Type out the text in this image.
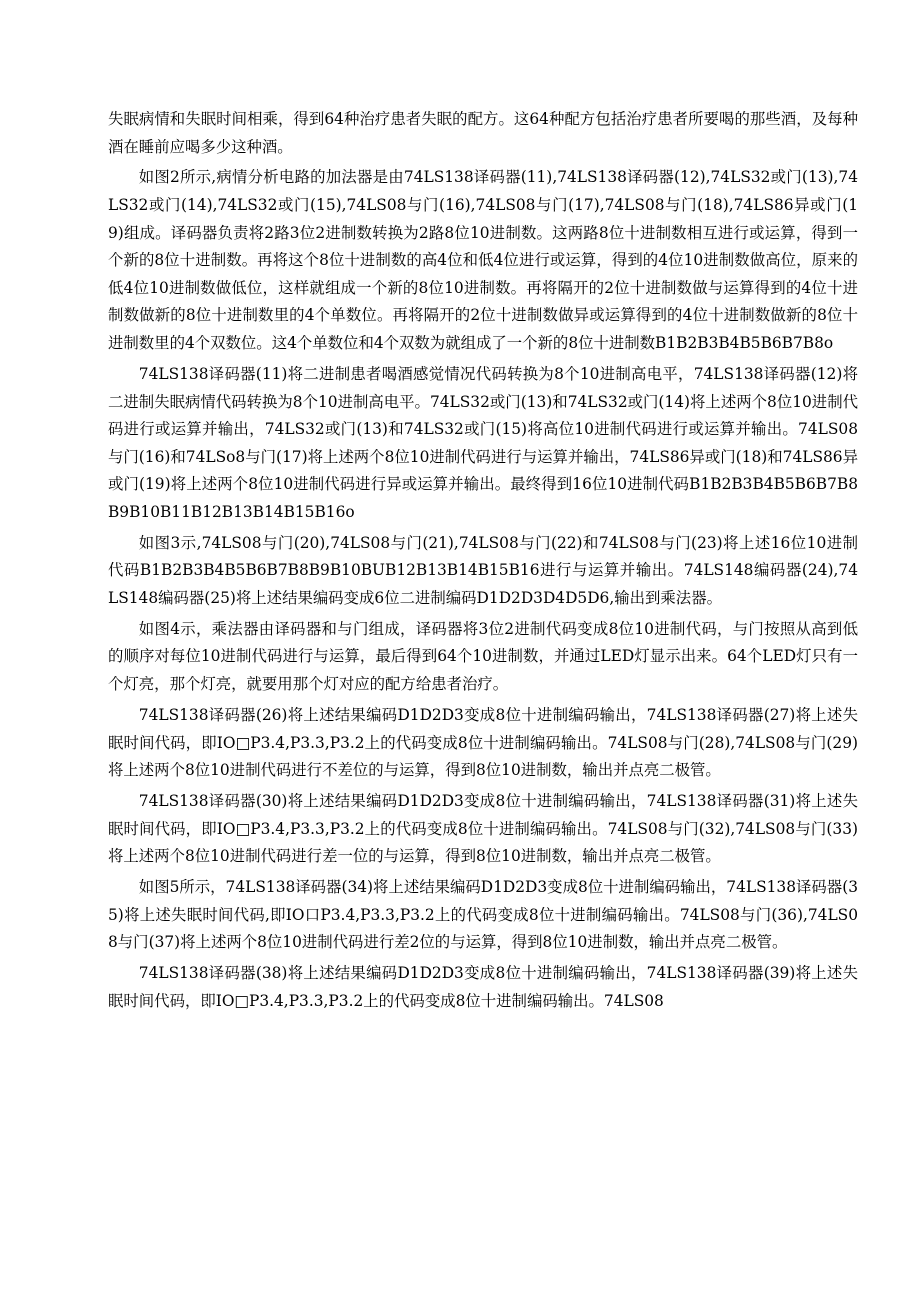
失眠病情和失眠时间相乘，得到64种治疗患者失眠的配方。这64种配方包括治疗患者所要喝的那些酒，及每种酒在睡前应喝多少这种酒。

如图2所示,病情分析电路的加法器是由74LS138译码器(11),74LS138译码器(12),74LS32或门(13),74LS32或门(14),74LS32或门(15),74LS08与门(16),74LS08与门(17),74LS08与门(18),74LS86异或门(19)组成。译码器负责将2路3位2进制数转换为2路8位10进制数。这两路8位十进制数相互进行或运算，得到一个新的8位十进制数。再将这个8位十进制数的高4位和低4位进行或运算，得到的4位10进制数做高位，原来的低4位10进制数做低位，这样就组成一个新的8位10进制数。再将隔开的2位十进制数做与运算得到的4位十进制数做新的8位十进制数里的4个单数位。再将隔开的2位十进制数做异或运算得到的4位十进制数做新的8位十进制数里的4个双数位。这4个单数位和4个双数为就组成了一个新的8位十进制数B1B2B3B4B5B6B7B8o

74LS138译码器(11)将二进制患者喝酒感觉情况代码转换为8个10进制高电平，74LS138译码器(12)将二进制失眠病情代码转换为8个10进制高电平。74LS32或门(13)和74LS32或门(14)将上述两个8位10进制代码进行或运算并输出，74LS32或门(13)和74LS32或门(15)将高位10进制代码进行或运算并输出。74LS08与门(16)和74LSo8与门(17)将上述两个8位10进制代码进行与运算并输出，74LS86异或门(18)和74LS86异或门(19)将上述两个8位10进制代码进行异或运算并输出。最终得到16位10进制代码B1B2B3B4B5B6B7B8B9B10B11B12B13B14B15B16o

如图3示,74LS08与门(20),74LS08与门(21),74LS08与门(22)和74LS08与门(23)将上述16位10进制代码B1B2B3B4B5B6B7B8B9B10BUB12B13B14B15B16进行与运算并输出。74LS148编码器(24),74LS148编码器(25)将上述结果编码变成6位二进制编码D1D2D3D4D5D6,输出到乘法器。

如图4示，乘法器由译码器和与门组成，译码器将3位2进制代码变成8位10进制代码，与门按照从高到低的顺序对每位10进制代码进行与运算，最后得到64个10进制数，并通过LED灯显示出来。64个LED灯只有一个灯亮，那个灯亮，就要用那个灯对应的配方给患者治疗。

74LS138译码器(26)将上述结果编码D1D2D3变成8位十进制编码输出，74LS138译码器(27)将上述失眠时间代码，即IO□P3.4,P3.3,P3.2上的代码变成8位十进制编码输出。74LS08与门(28),74LS08与门(29)将上述两个8位10进制代码进行不差位的与运算，得到8位10进制数，输出并点亮二极管。

74LS138译码器(30)将上述结果编码D1D2D3变成8位十进制编码输出，74LS138译码器(31)将上述失眠时间代码，即IO□P3.4,P3.3,P3.2上的代码变成8位十进制编码输出。74LS08与门(32),74LS08与门(33)将上述两个8位10进制代码进行差一位的与运算，得到8位10进制数，输出并点亮二极管。

如图5所示，74LS138译码器(34)将上述结果编码D1D2D3变成8位十进制编码输出，74LS138译码器(35)将上述失眠时间代码,即IO口P3.4,P3.3,P3.2上的代码变成8位十进制编码输出。74LS08与门(36),74LS08与门(37)将上述两个8位10进制代码进行差2位的与运算，得到8位10进制数，输出并点亮二极管。

74LS138译码器(38)将上述结果编码D1D2D3变成8位十进制编码输出，74LS138译码器(39)将上述失眠时间代码，即IO□P3.4,P3.3,P3.2上的代码变成8位十进制编码输出。74LS08
